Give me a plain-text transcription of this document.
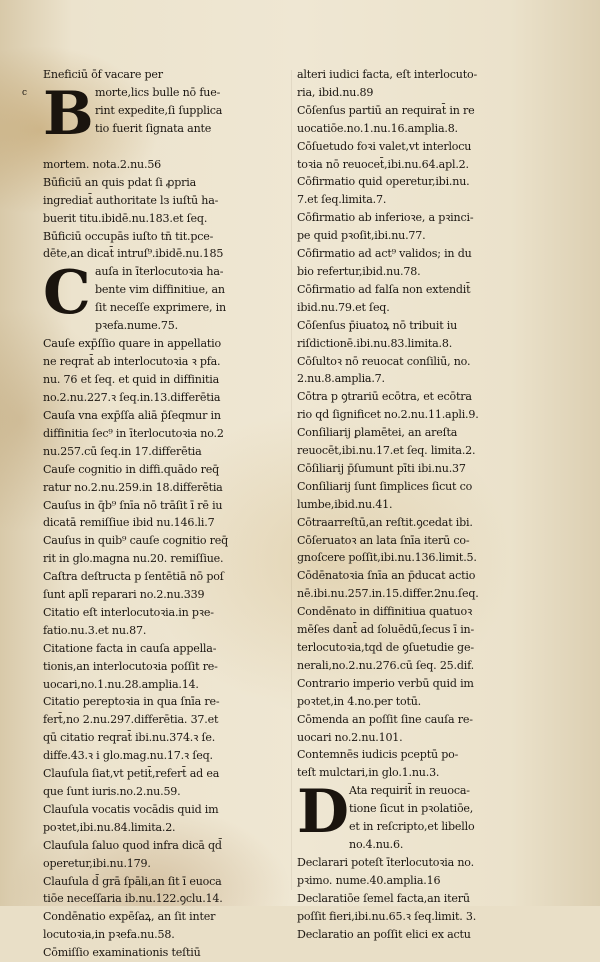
c
Eneficiū ōf vacare per
B morte,lics bulle nō fue-
rint expedite,ſi ſupplica
tio fuerit ſignata ante
mortem. nota.2.nu.56
Būficiū an quis pdat ſi ꝓpria
ingrediat̄ authoritate lз iuſtū ha-
buerit titu.ibidē.nu.183.et ſeq.
Būficiū occupās iuſto tn̄ tit.pce-
dēte,an dicat̄ intruſ⁹.ibidē.nu.185
C auſa in īterlocutoꝛia ha-
bente vim diffinitiue, an
ſit neceſſe exprimere, in
pꝛefa.nume.75.
Cauſe exp̄ſſio quare in appellatio
ne reqrat̄ ab interlocutoꝛia ꝛ pfa.
nu. 76 et ſeq. et quid in diffinitia
no.2.nu.227.ꝛ ſeq.in.13.differētia
Cauſa vna exp̄ſſa aliā p̄ſeqmur in
diffinitia ſec⁹ in īterlocutoꝛia no.2
nu.257.cū ſeq.in 17.differētia
Cauſe cognitio in diffi.quādo req̄
ratur no.2.nu.259.in 18.differētia
Cauſus in q̄b⁹ ſnīa nō trāſit ī rē iu
dicatā remiſſiue ibid nu.146.li.7
Cauſus in quib⁹ cauſe cognitio req̄
rit in glo.magna nu.20. remiſſiue.
Caſtra deſtructa p ſentētiā nō poſ
ſunt aplī reparari no.2.nu.339
Citatio eſt interlocutoꝛia.in pꝛe-
fatio.nu.3.et nu.87.
Citatione facta in cauſa appella-
tionis,an interlocutoꝛia poſſit re-
uocari,no.1.nu.28.amplia.14.
Citatio pereptoꝛia in qua ſnīa re-
fert̄,no 2.nu.297.differētia. 37.et
qū citatio reqrat̄ ibi.nu.374.ꝛ ſe.
diffe.43.ꝛ i glo.mag.nu.17.ꝛ ſeq.
Clauſula ſiat,vt petit̄,refert̄ ad ea
que ſunt iuris.no.2.nu.59.
Clauſula vocatis vocādis quid im
poꝛtet,ibi.nu.84.limita.2.
Clauſula ſaluo quod infra dicā qd̄
operetur,ibi.nu.179.
Clauſula d̄ grā ſpāli,an ſit ī euoca
tiōe neceſſaria ib.nu.122.ꝯclu.14.
Condēnatio expēſaꝝ, an ſit inter
locutoꝛia,in pꝛefa.nu.58.
Cōmiſſio examinationis teſtiū
alteri iudici facta, eſt interlocuto-
ria, ibid.nu.89
Cōſenſus partiū an requirat̄ in re
uocatiōe.no.1.nu.16.amplia.8.
Cōſuetudo foꝛi valet,vt interlocu
toꝛia nō reuocet̄,ibi.nu.64.apl.2.
Cōfirmatio quid operetur,ibi.nu.
7.et ſeq.limita.7.
Cōfirmatio ab inferioꝛe, a pꝛinci-
pe quid pꝛoſit,ibi.nu.77.
Cōfirmatio ad act⁹ validos; in du
bio refertur,ibid.nu.78.
Cōfirmatio ad falſa non extendit̄
ibid.nu.79.et ſeq.
Cōſenſus p̄iuatoꝝ nō tribuit iu
riſdictionē.ibi.nu.83.limita.8.
Cōſultoꝛ nō reuocat conſiliū, no.
2.nu.8.amplia.7.
Cōtra p ꝯtrariū ecōtra, et ecōtra
rio qd ſignificet no.2.nu.11.apli.9.
Conſiliarij ꝑlamētei, an areſta
reuocēt,ibi.nu.17.et ſeq. limita.2.
Cōſiliarij p̄ſumunt pīti ibi.nu.37
Conſiliarij ſunt ſimplices ſicut co
lumbe,ibid.nu.41.
Cōtraarreſtū,an reſtit.ꝯcedat ibi.
Cōſeruatoꝛ an lata ſnīa iterū co-
gnoſcere poſſit,ibi.nu.136.limit.5.
Cōdēnatoꝛia ſnīa an p̄ducat actio
nē.ibi.nu.257.in.15.differ.2nu.ſeq.
Condēnato in diffinitiua quatuoꝛ
mēſes dant̄ ad ſoluēdū,ſecus ī in-
terlocutoꝛia,tqd de ꝯſuetudie ge-
nerali,no.2.nu.276.cū ſeq. 25.dif.
Contrario imperio verbū quid im
poꝛtet,in 4.no.per totū.
Cōmenda an poſſit ſine cauſa re-
uocari no.2.nu.101.
Contemnēs iudicis pceptū po-
teſt mulctari,in glo.1.nu.3.
D Ata requirit̄ in reuoca-
tione ſicut in pꝛolatiōe,
et in reſcripto,et libello
no.4.nu.6.
Declarari poteſt īterlocutoꝛia no.
pꝛimo. nume.40.amplia.16
Declaratiōe ſemel facta,an iterū
poſſit fieri,ibi.nu.65.ꝛ ſeq.limit. 3.
Declaratio an poſſit elici ex actu
